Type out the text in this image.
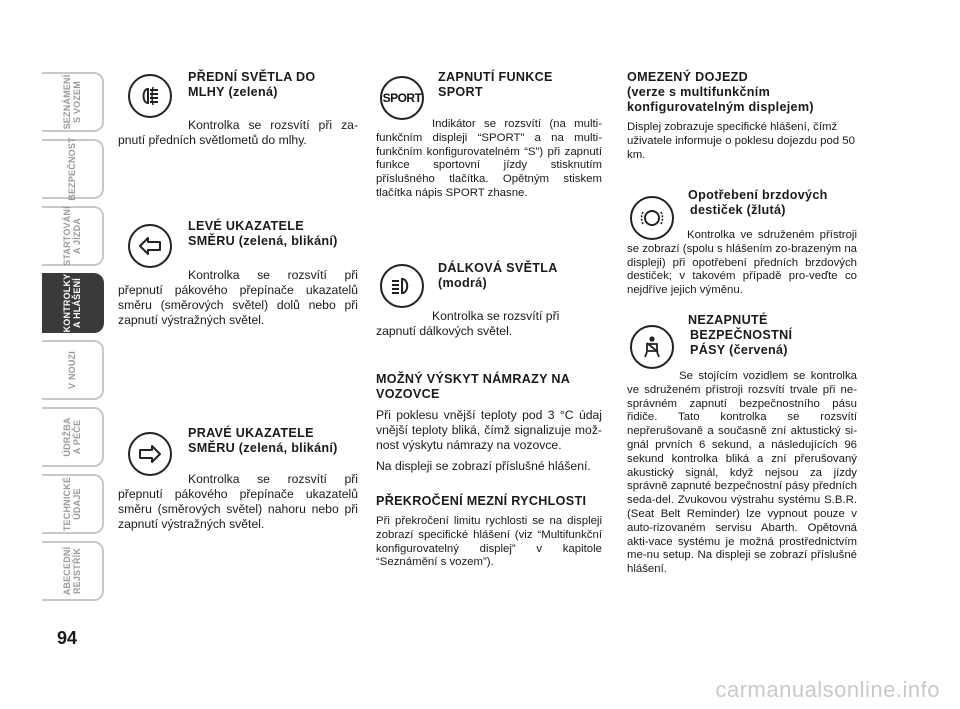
SEZNÁMENÍ
S VOZEM
BEZPEČNOST
STARTOVÁNÍ
A JÍZDA
KONTROLKY
A HLÁŠENÍ
V NOUZI
ÚDRŽBA
A PÉČE
TECHNICKÉ
ÚDAJE
ABECEDNÍ
REJSTŘÍK
94

PŘEDNÍ SVĚTLA DO

MLHY (zelená)

Kontrolka se rozsvítí při za-pnutí předních světlometů do mlhy.

LEVÉ UKAZATELE

SMĚRU (zelená, blikání)

Kontrolka se rozsvítí při přepnutí pákového přepínače ukazatelů směru (směrových světel) dolů nebo při zapnutí výstražných světel.

PRAVÉ UKAZATELE

SMĚRU (zelená, blikání)

Kontrolka se rozsvítí při přepnutí pákového přepínače ukazatelů směru (směrových světel) nahoru nebo při zapnutí výstražných světel.

SPORT

ZAPNUTÍ FUNKCE

SPORT

Indikátor se rozsvítí (na multi-funkčním displeji “SPORT” a na multi-funkčním konfigurovatelném “S”) při zapnutí funkce sportovní jízdy stisknutím příslušného tlačítka. Opětným stiskem tlačítka nápis SPORT zhasne.

DÁLKOVÁ SVĚTLA

(modrá)

Kontrolka se rozsvítí při

zapnutí dálkových světel.

MOŽNÝ VÝSKYT NÁMRAZY NA VOZOVCE

Při poklesu vnější teploty pod 3 °C údaj vnější teploty bliká, čímž signalizuje mož-nost výskytu námrazy na vozovce.

Na displeji se zobrazí příslušné hlášení.

PŘEKROČENÍ MEZNÍ RYCHLOSTI

Při překročení limitu rychlosti se na displeji zobrazí specifické hlášení (viz “Multifunkční konfigurovatelný displej” v kapitole “Seznámění s vozem”).

OMEZENÝ DOJEZD

(verze s multifunkčním

konfigurovatelným displejem)

Displej zobrazuje specifické hlášení, čímž uživatele informuje o poklesu dojezdu pod 50 km.

Opotřebení brzdových

destiček (žlutá)

Kontrolka ve sdruženém přístroji se zobrazí (spolu s hlášením zo-brazeným na displeji) při opotřebení předních brzdových destiček; v takovém případě pro-veďte co nejdříve jejich výměnu.

NEZAPNUTÉ

BEZPEČNOSTNÍ

PÁSY (červená)

Se stojícím vozidlem se kontrolka ve sdruženém přístroji rozsvítí trvale při ne-správném zapnutí bezpečnostního pásu řidiče. Tato kontrolka se rozsvítí nepřerušovaně a současně zní aktustický si-gnál prvních 6 sekund, a následujících 96 sekund kontrolka bliká a zní přerušovaný akustický signál, když nejsou za jízdy správně zapnuté bezpečnostní pásy předních seda-del. Zvukovou výstrahu systému S.B.R. (Seat Belt Reminder) lze vypnout pouze v auto-rizovaném servisu Abarth. Opětovná akti-vace systému je možná prostřednictvím me-nu setup. Na displeji se zobrazí příslušné hlášení.

carmanualsonline.info
